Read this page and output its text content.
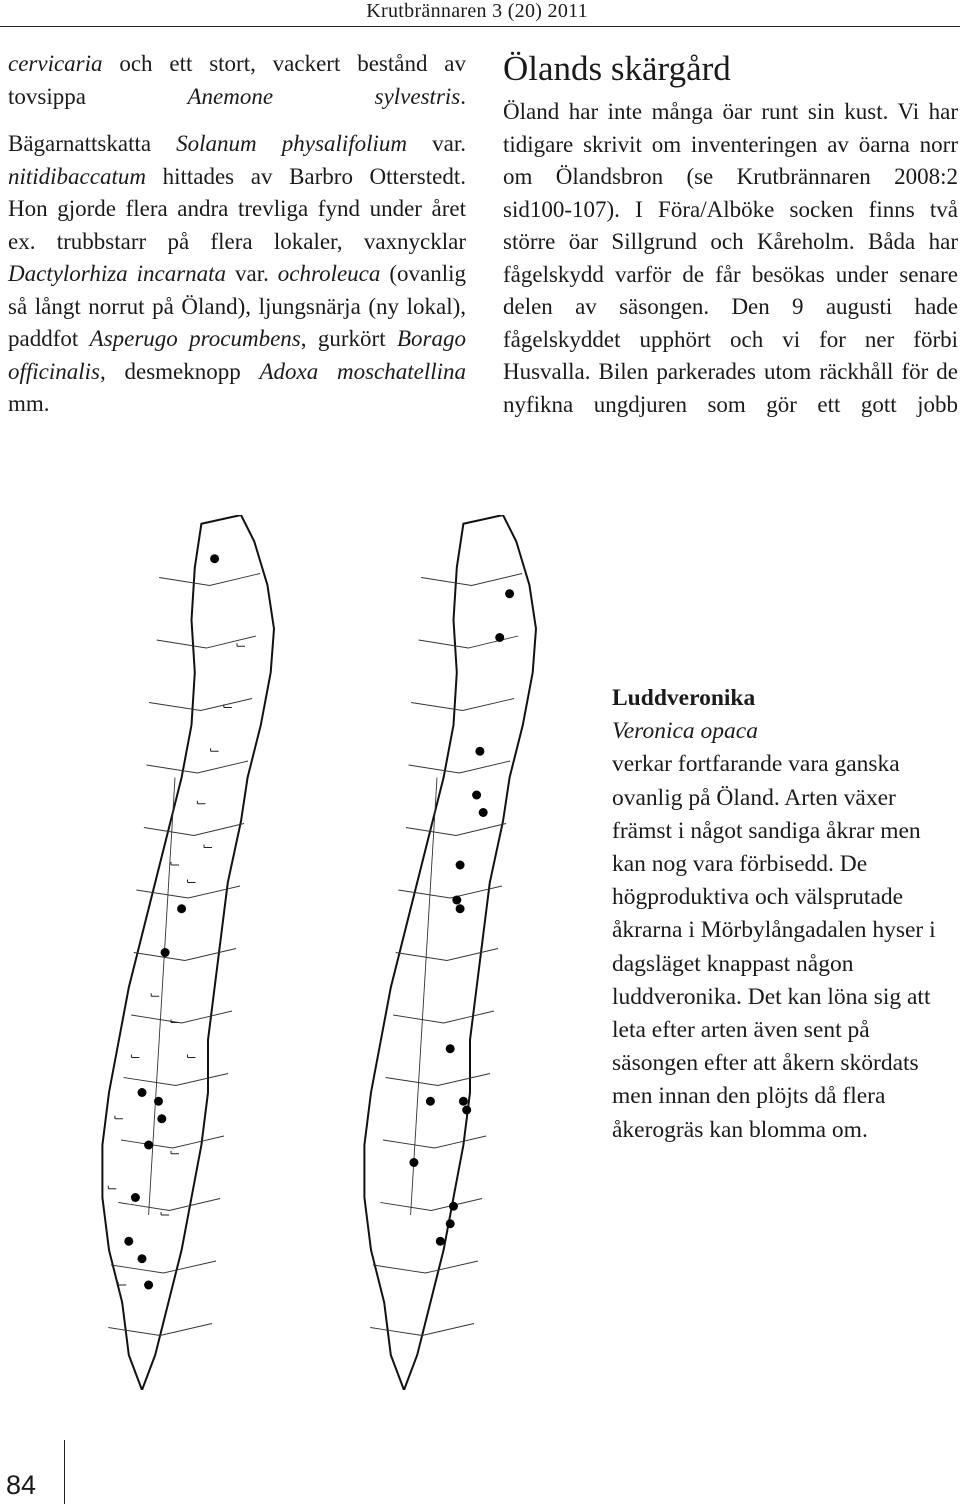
Krutbrännaren 3 (20) 2011

cervicaria och ett stort, vackert bestånd av tovsippa Anemone sylvestris.

Bägarnattskatta Solanum physalifolium var. nitidibaccatum hittades av Barbro Otterstedt. Hon gjorde flera andra trevliga fynd under året ex. trubbstarr på flera lokaler, vaxnycklar Dactylorhiza incarnata var. ochroleuca (ovanlig så långt norrut på Öland), ljungsnärja (ny lokal), paddfot Asperugo procumbens, gurkört Borago officinalis, desmeknopp Adoxa moschatellina mm.

Ölands skärgård

Öland har inte många öar runt sin kust. Vi har tidigare skrivit om inventeringen av öarna norr om Ölandsbron (se Krutbrännaren 2008:2 sid100-107). I Föra/Alböke socken finns två större öar Sillgrund och Kåreholm. Båda har fågelskydd varför de får besökas under senare delen av säsongen. Den 9 augusti hade fågelskyddet upphört och vi for ner förbi Husvalla. Bilen parkerades utom räckhåll för de nyfikna ungdjuren som gör ett gott jobb

Luddveronika
Veronica opaca
verkar fortfarande vara ganska ovanlig på Öland. Arten växer främst i något sandiga åkrar men kan nog vara förbisedd. De högproduktiva och välsprutade åkrarna i Mörbylångadalen hyser i dagsläget knappast någon luddveronika. Det kan löna sig att leta efter arten även sent på säsongen efter att åkern skördats men innan den plöjts då flera åkerogräs kan blomma om.
84
